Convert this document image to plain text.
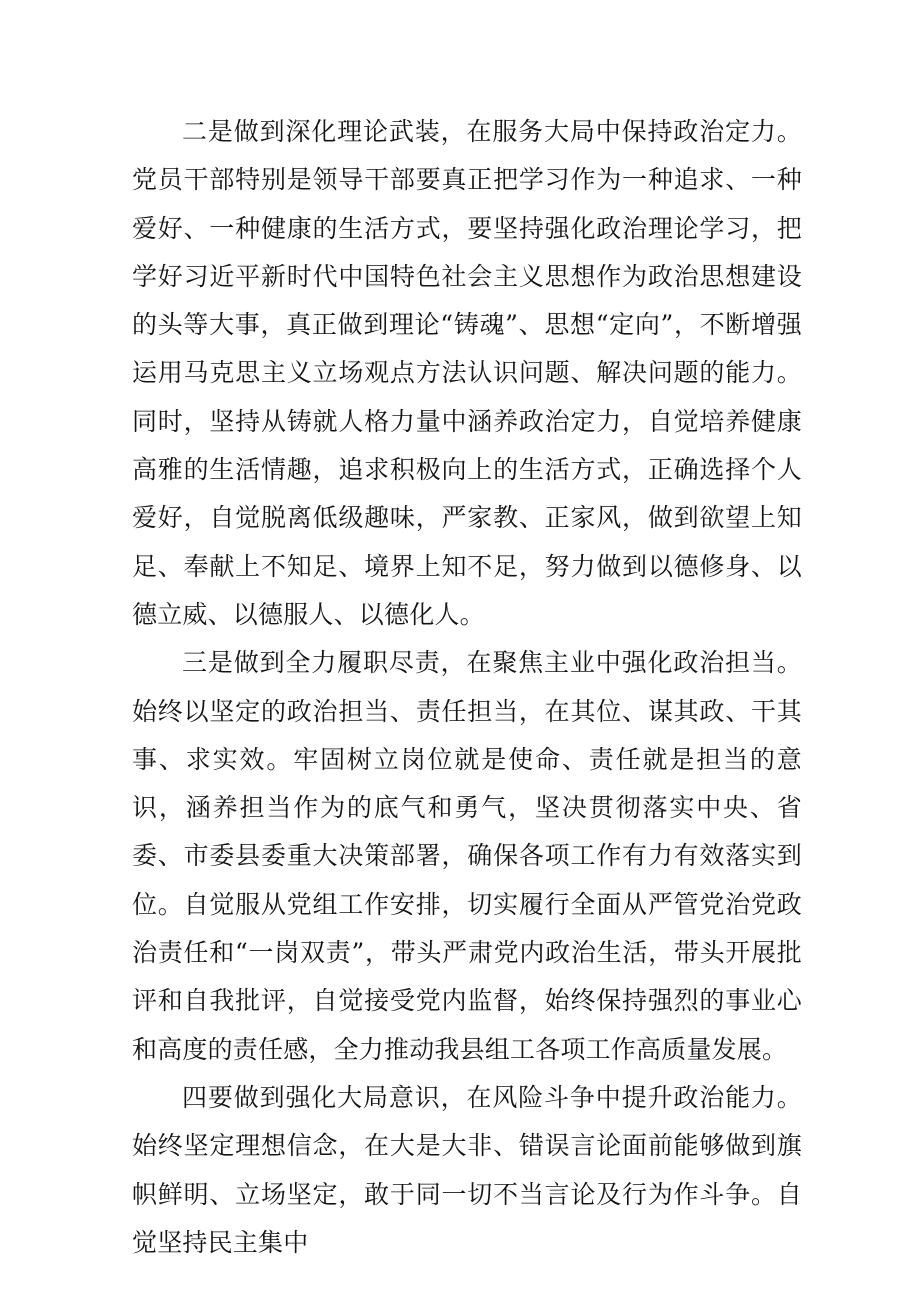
二是做到深化理论武装，在服务大局中保持政治定力。党员干部特别是领导干部要真正把学习作为一种追求、一种爱好、一种健康的生活方式，要坚持强化政治理论学习，把学好习近平新时代中国特色社会主义思想作为政治思想建设的头等大事，真正做到理论“铸魂”、思想“定向”，不断增强运用马克思主义立场观点方法认识问题、解决问题的能力。同时，坚持从铸就人格力量中涵养政治定力，自觉培养健康高雅的生活情趣，追求积极向上的生活方式，正确选择个人爱好，自觉脱离低级趣味，严家教、正家风，做到欲望上知足、奉献上不知足、境界上知不足，努力做到以德修身、以德立威、以德服人、以德化人。

三是做到全力履职尽责，在聚焦主业中强化政治担当。始终以坚定的政治担当、责任担当，在其位、谋其政、干其事、求实效。牢固树立岗位就是使命、责任就是担当的意识，涵养担当作为的底气和勇气，坚决贯彻落实中央、省委、市委县委重大决策部署，确保各项工作有力有效落实到位。自觉服从党组工作安排，切实履行全面从严管党治党政治责任和“一岗双责”，带头严肃党内政治生活，带头开展批评和自我批评，自觉接受党内监督，始终保持强烈的事业心和高度的责任感，全力推动我县组工各项工作高质量发展。

四要做到强化大局意识，在风险斗争中提升政治能力。始终坚定理想信念，在大是大非、错误言论面前能够做到旗帜鲜明、立场坚定，敢于同一切不当言论及行为作斗争。自觉坚持民主集中
